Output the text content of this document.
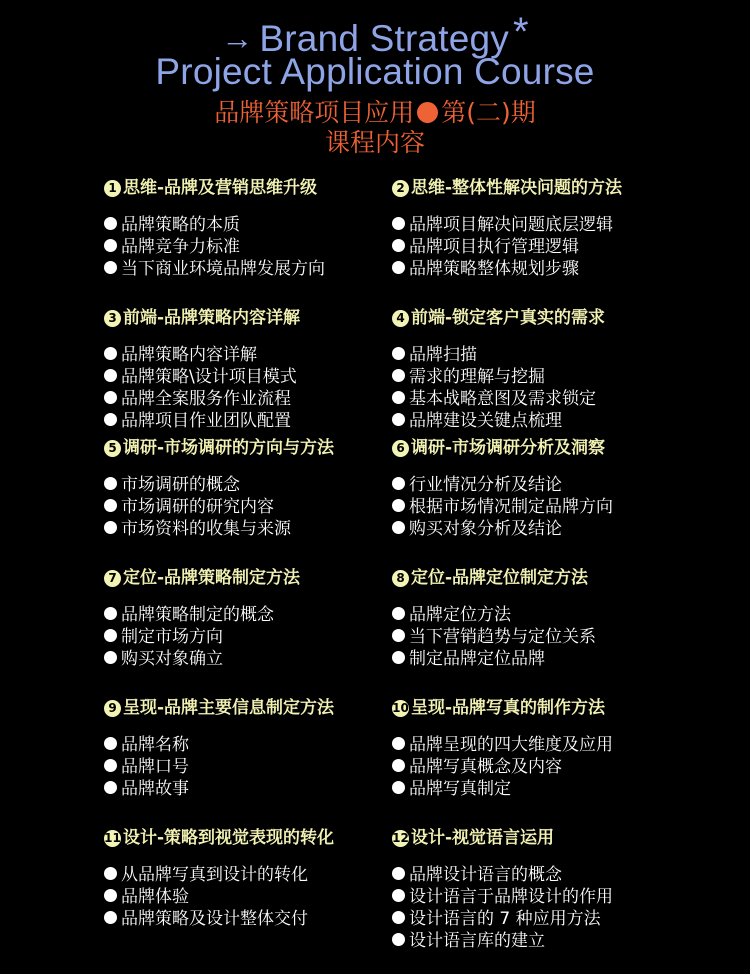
→ Brand Strategy *
Project Application Course
品牌策略项目应用 第(二)期
课程内容
1 思维-品牌及营销思维升级
品牌策略的本质
品牌竞争力标准
当下商业环境品牌发展方向
2 思维-整体性解决问题的方法
品牌项目解决问题底层逻辑
品牌项目执行管理逻辑
品牌策略整体规划步骤
3 前端-品牌策略内容详解
品牌策略内容详解
品牌策略\设计项目模式
品牌全案服务作业流程
品牌项目作业团队配置
4 前端-锁定客户真实的需求
品牌扫描
需求的理解与挖掘
基本战略意图及需求锁定
品牌建设关键点梳理
5 调研-市场调研的方向与方法
市场调研的概念
市场调研的研究内容
市场资料的收集与来源
6 调研-市场调研分析及洞察
行业情况分析及结论
根据市场情况制定品牌方向
购买对象分析及结论
7 定位-品牌策略制定方法
品牌策略制定的概念
制定市场方向
购买对象确立
8 定位-品牌定位制定方法
品牌定位方法
当下营销趋势与定位关系
制定品牌定位品牌
9 呈现-品牌主要信息制定方法
品牌名称
品牌口号
品牌故事
10 呈现-品牌写真的制作方法
品牌呈现的四大维度及应用
品牌写真概念及内容
品牌写真制定
11 设计-策略到视觉表现的转化
从品牌写真到设计的转化
品牌体验
品牌策略及设计整体交付
12 设计-视觉语言运用
品牌设计语言的概念
设计语言于品牌设计的作用
设计语言的 7 种应用方法
设计语言库的建立
